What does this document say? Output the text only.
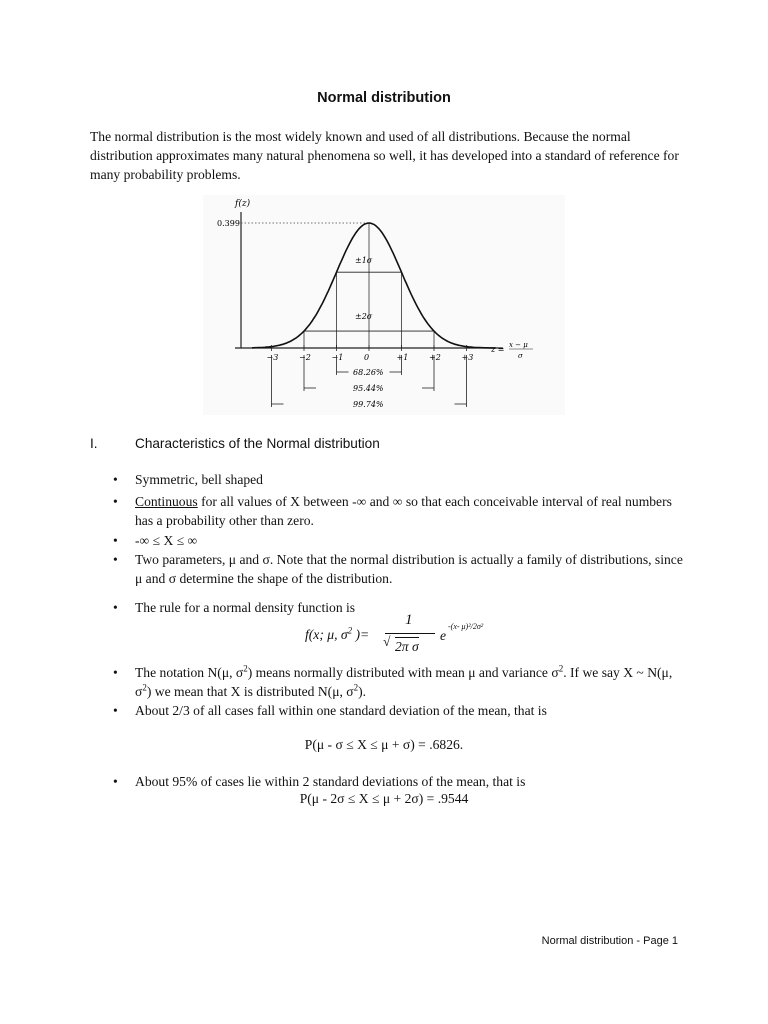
Normal distribution

The normal distribution is the most widely known and used of all distributions. Because the normal distribution approximates many natural phenomena so well, it has developed into a standard of reference for many probability problems.

f(z)
0.399
±1σ
±2σ
−3	−2	−1	0	+1	+2	+3
z = x − μ
σ
68.26%
95.44%
99.74%
I.	Characteristics of the Normal distribution
• Symmetric, bell shaped
• Continuous for all values of X between -∞ and ∞ so that each conceivable interval of real numbers has a probability other than zero.
• -∞ ≤ X ≤ ∞
• Two parameters, μ and σ. Note that the normal distribution is actually a family of distributions, since μ and σ determine the shape of the distribution.
• The rule for a normal density function is
f(x; μ, $\sigma^2$ )=
1
√ 2π σ
e
-(x- μ)²/2σ²
• The notation N(μ, $\sigma^2$) means normally distributed with mean μ and variance $\sigma^2$. If we say X ~ N(μ, $\sigma^2$) we mean that X is distributed N(μ, $\sigma^2$).
• About 2/3 of all cases fall within one standard deviation of the mean, that is
P(μ - σ ≤ X ≤ μ + σ) = .6826.
• About 95% of cases lie within 2 standard deviations of the mean, that is
P(μ - 2σ ≤ X ≤ μ + 2σ) = .9544
Normal distribution - Page 1
